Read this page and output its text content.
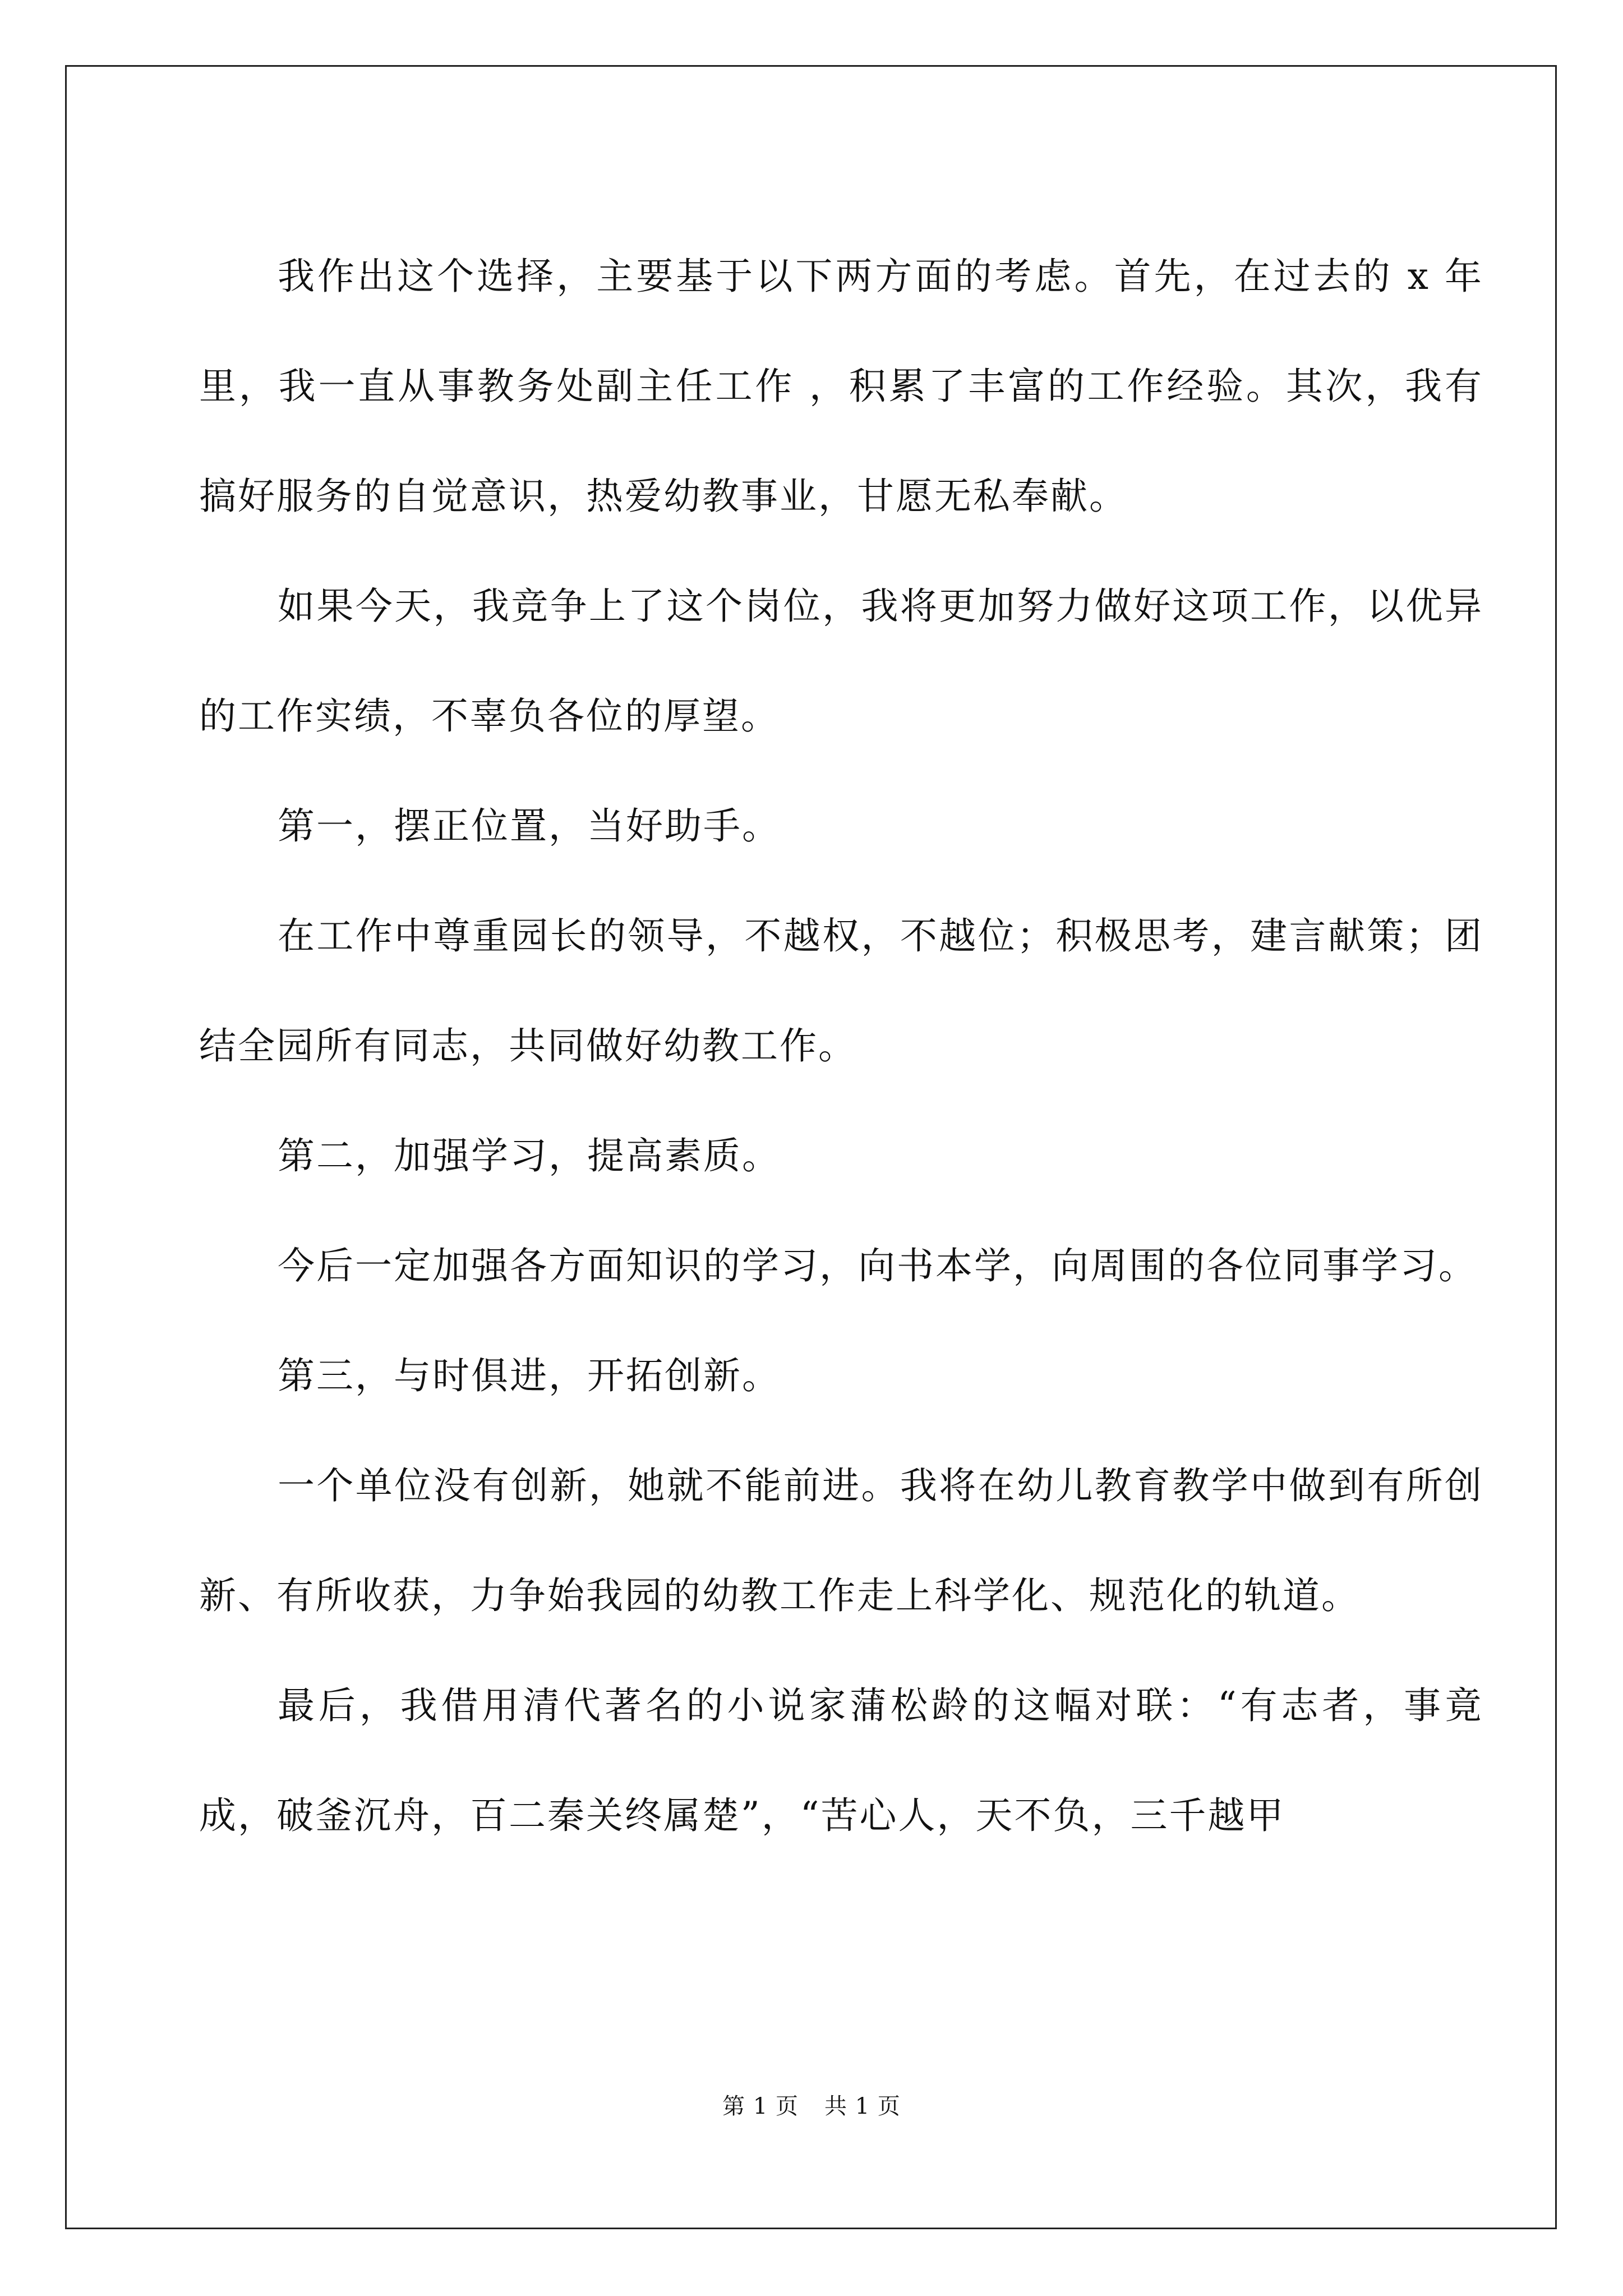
我作出这个选择，主要基于以下两方面的考虑。首先，在过去的 x 年里，我一直从事教务处副主任工作 ，积累了丰富的工作经验。其次，我有搞好服务的自觉意识，热爱幼教事业，甘愿无私奉献。

如果今天，我竞争上了这个岗位，我将更加努力做好这项工作，以优异的工作实绩，不辜负各位的厚望。

第一，摆正位置，当好助手。

在工作中尊重园长的领导，不越权，不越位；积极思考，建言献策；团结全园所有同志，共同做好幼教工作。

第二，加强学习，提高素质。

今后一定加强各方面知识的学习，向书本学，向周围的各位同事学习。

第三，与时俱进，开拓创新。

一个单位没有创新，她就不能前进。我将在幼儿教育教学中做到有所创新、有所收获，力争始我园的幼教工作走上科学化、规范化的轨道。

最后，我借用清代著名的小说家蒲松龄的这幅对联：“有志者，事竟成，破釜沉舟，百二秦关终属楚”，“苦心人，天不负，三千越甲

第 1 页 共 1 页
